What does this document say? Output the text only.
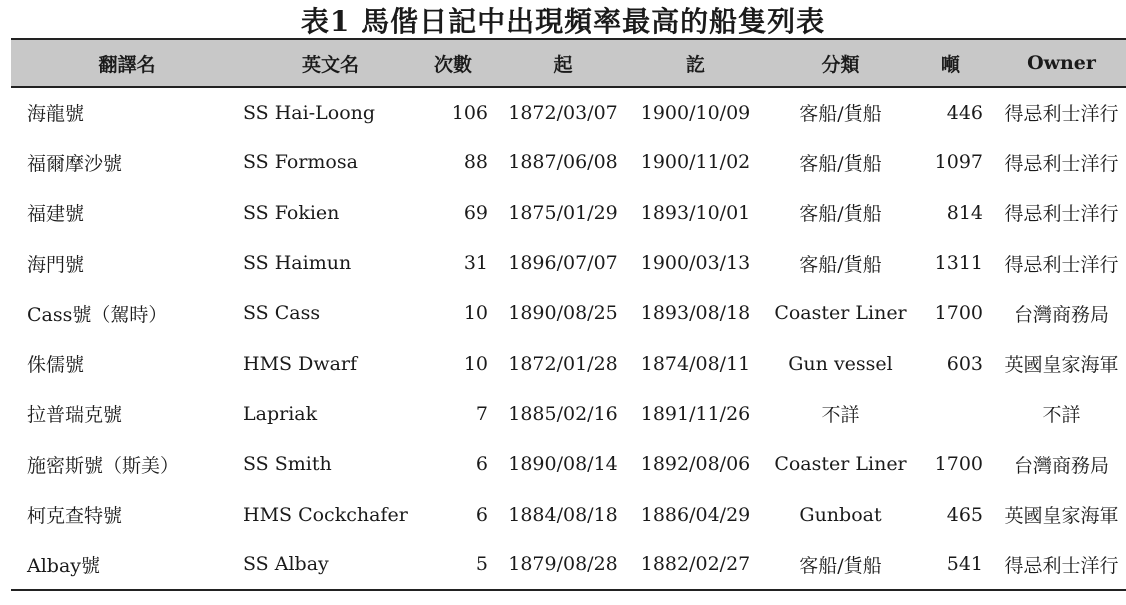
表1 馬偕日記中出現頻率最高的船隻列表
翻譯名	英文名	次數	起	訖	分類	噸	Owner
海龍號	SS Hai-Loong	106	1872/03/07	1900/10/09	客船/貨船	446	得忌利士洋行
福爾摩沙號	SS Formosa	88	1887/06/08	1900/11/02	客船/貨船	1097	得忌利士洋行
福建號	SS Fokien	69	1875/01/29	1893/10/01	客船/貨船	814	得忌利士洋行
海門號	SS Haimun	31	1896/07/07	1900/03/13	客船/貨船	1311	得忌利士洋行
Cass號（駕時）	SS Cass	10	1890/08/25	1893/08/18	Coaster Liner	1700	台灣商務局
侏儒號	HMS Dwarf	10	1872/01/28	1874/08/11	Gun vessel	603	英國皇家海軍
拉普瑞克號	Lapriak	7	1885/02/16	1891/11/26	不詳		不詳
施密斯號（斯美）	SS Smith	6	1890/08/14	1892/08/06	Coaster Liner	1700	台灣商務局
柯克查特號	HMS Cockchafer	6	1884/08/18	1886/04/29	Gunboat	465	英國皇家海軍
Albay號	SS Albay	5	1879/08/28	1882/02/27	客船/貨船	541	得忌利士洋行
